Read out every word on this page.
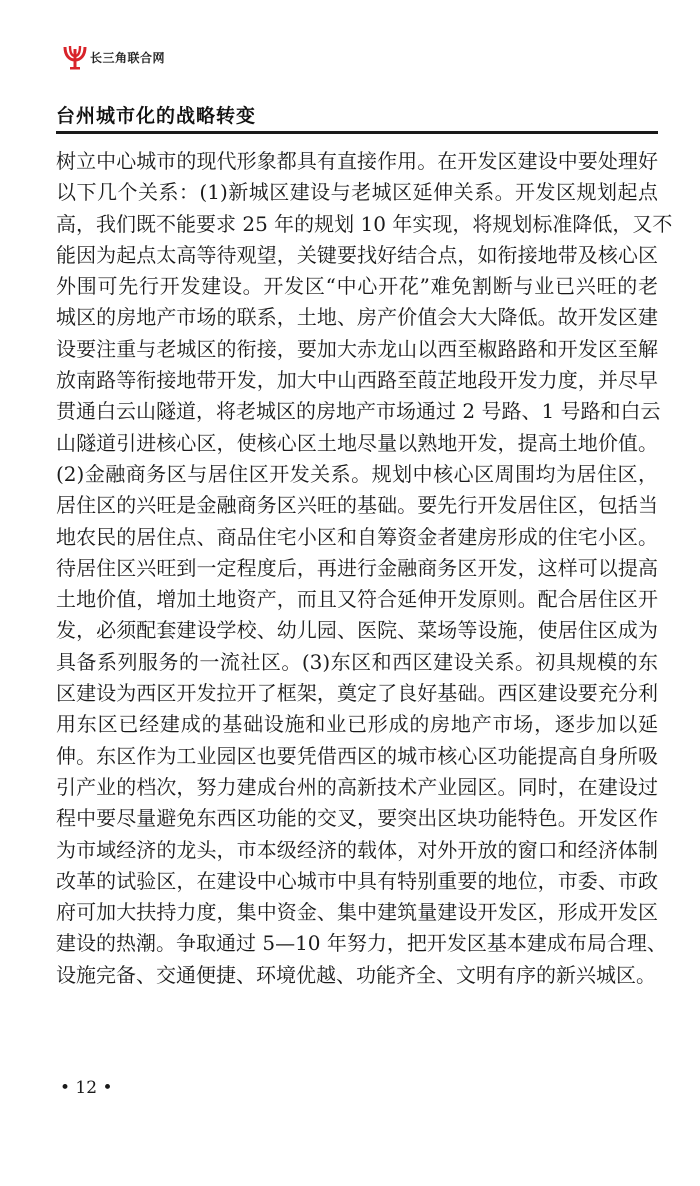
长三角联合网
台州城市化的战略转变
树立中心城市的现代形象都具有直接作用。在开发区建设中要处理好
以下几个关系：(1)新城区建设与老城区延伸关系。开发区规划起点
高，我们既不能要求 25 年的规划 10 年实现，将规划标准降低，又不
能因为起点太高等待观望，关键要找好结合点，如衔接地带及核心区
外围可先行开发建设。开发区“中心开花”难免割断与业已兴旺的老
城区的房地产市场的联系，土地、房产价值会大大降低。故开发区建
设要注重与老城区的衔接，要加大赤龙山以西至椒路路和开发区至解
放南路等衔接地带开发，加大中山西路至葭芷地段开发力度，并尽早
贯通白云山隧道，将老城区的房地产市场通过 2 号路、1 号路和白云
山隧道引进核心区，使核心区土地尽量以熟地开发，提高土地价值。
(2)金融商务区与居住区开发关系。规划中核心区周围均为居住区，
居住区的兴旺是金融商务区兴旺的基础。要先行开发居住区，包括当
地农民的居住点、商品住宅小区和自筹资金者建房形成的住宅小区。
待居住区兴旺到一定程度后，再进行金融商务区开发，这样可以提高
土地价值，增加土地资产，而且又符合延伸开发原则。配合居住区开
发，必须配套建设学校、幼儿园、医院、菜场等设施，使居住区成为
具备系列服务的一流社区。(3)东区和西区建设关系。初具规模的东
区建设为西区开发拉开了框架，奠定了良好基础。西区建设要充分利
用东区已经建成的基础设施和业已形成的房地产市场，逐步加以延
伸。东区作为工业园区也要凭借西区的城市核心区功能提高自身所吸
引产业的档次，努力建成台州的高新技术产业园区。同时，在建设过
程中要尽量避免东西区功能的交叉，要突出区块功能特色。开发区作
为市域经济的龙头，市本级经济的载体，对外开放的窗口和经济体制
改革的试验区，在建设中心城市中具有特别重要的地位，市委、市政
府可加大扶持力度，集中资金、集中建筑量建设开发区，形成开发区
建设的热潮。争取通过 5—10 年努力，把开发区基本建成布局合理、
设施完备、交通便捷、环境优越、功能齐全、文明有序的新兴城区。
• 12 •
